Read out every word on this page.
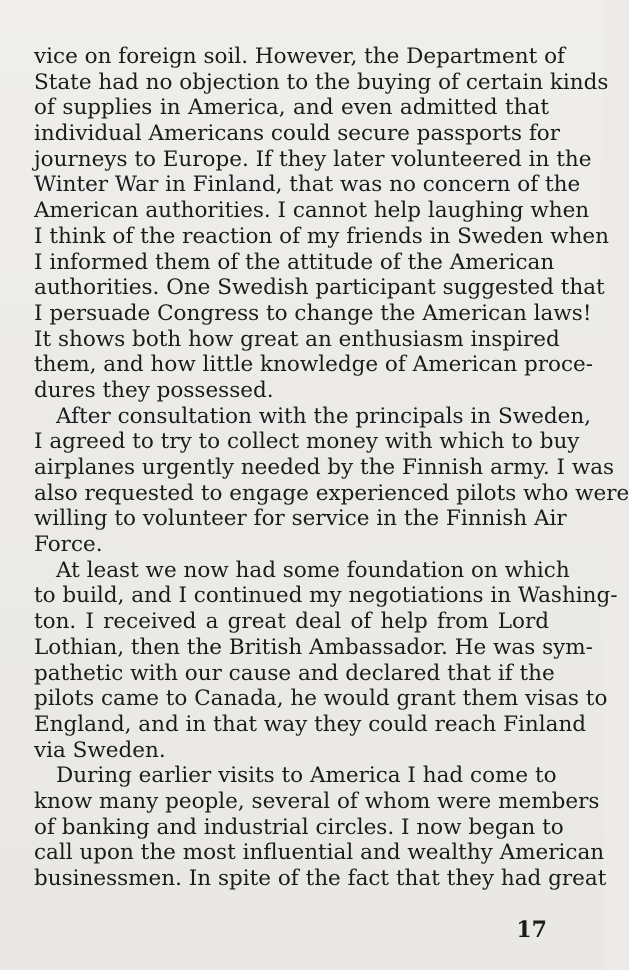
vice on foreign soil. However, the Department of
State had no objection to the buying of certain kinds
of supplies in America, and even admitted that
individual Americans could secure passports for
journeys to Europe. If they later volunteered in the
Winter War in Finland, that was no concern of the
American authorities. I cannot help laughing when
I think of the reaction of my friends in Sweden when
I informed them of the attitude of the American
authorities. One Swedish participant suggested that
I persuade Congress to change the American laws!
It shows both how great an enthusiasm inspired
them, and how little knowledge of American proce-
dures they possessed.
After consultation with the principals in Sweden,
I agreed to try to collect money with which to buy
airplanes urgently needed by the Finnish army. I was
also requested to engage experienced pilots who were
willing to volunteer for service in the Finnish Air
Force.
At least we now had some foundation on which
to build, and I continued my negotiations in Washing-
ton. I received a great deal of help from Lord
Lothian, then the British Ambassador. He was sym-
pathetic with our cause and declared that if the
pilots came to Canada, he would grant them visas to
England, and in that way they could reach Finland
via Sweden.
During earlier visits to America I had come to
know many people, several of whom were members
of banking and industrial circles. I now began to
call upon the most influential and wealthy American
businessmen. In spite of the fact that they had great
17
